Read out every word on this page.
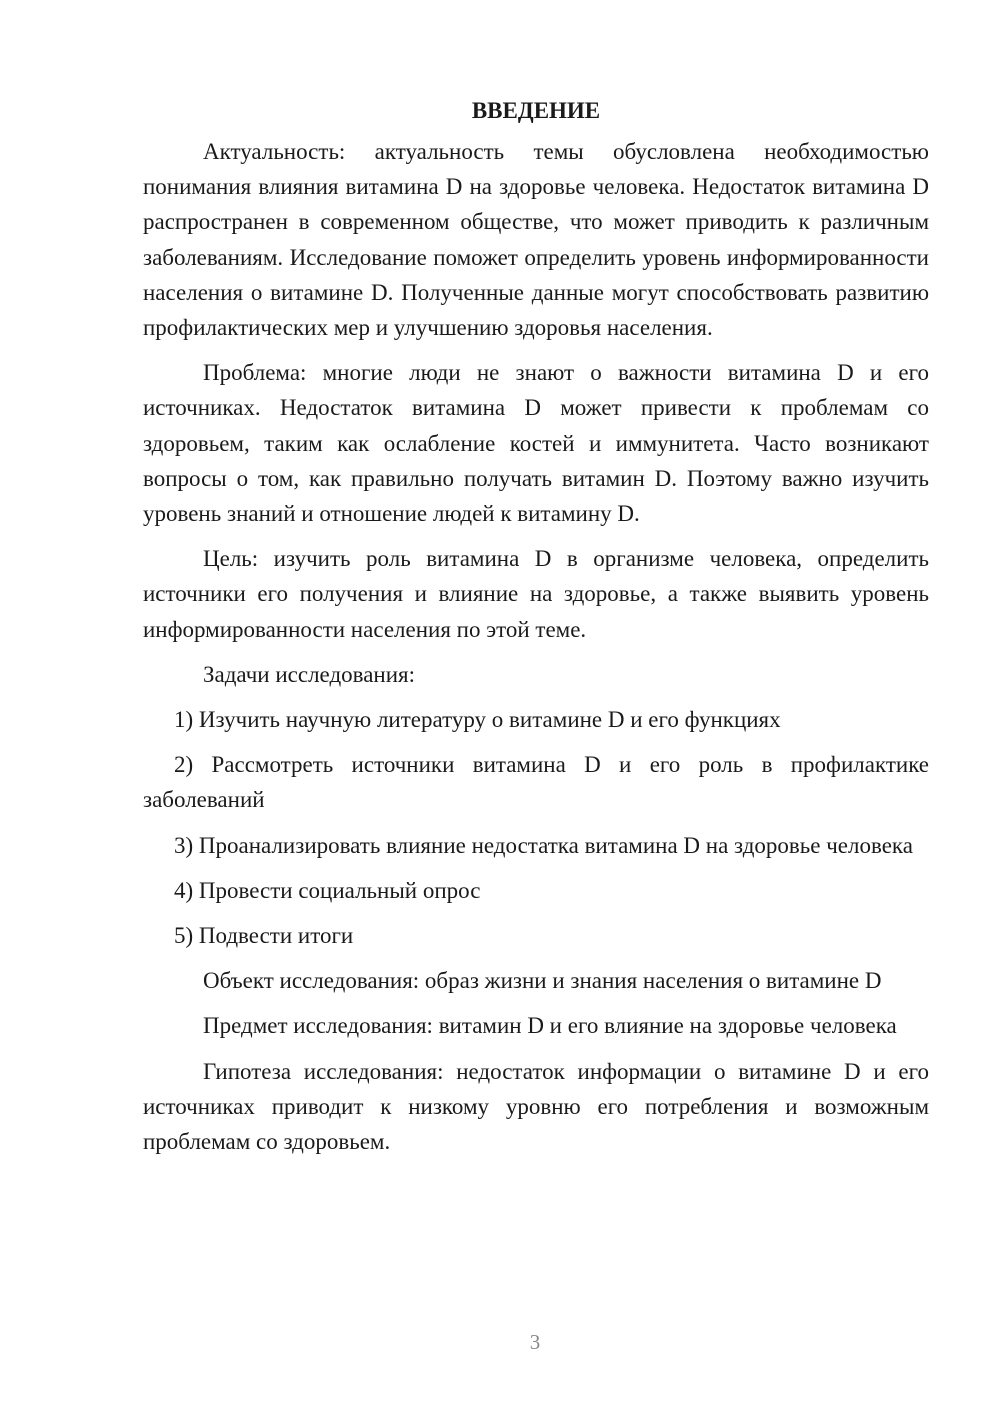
ВВЕДЕНИЕ

Актуальность: актуальность темы обусловлена необходимостью понимания влияния витамина D на здоровье человека. Недостаток витамина D распространен в современном обществе, что может приводить к различным заболеваниям. Исследование поможет определить уровень информированности населения о витамине D. Полученные данные могут способствовать развитию профилактических мер и улучшению здоровья населения.

Проблема: многие люди не знают о важности витамина D и его источниках. Недостаток витамина D может привести к проблемам со здоровьем, таким как ослабление костей и иммунитета. Часто возникают вопросы о том, как правильно получать витамин D. Поэтому важно изучить уровень знаний и отношение людей к витамину D.

Цель: изучить роль витамина D в организме человека, определить источники его получения и влияние на здоровье, а также выявить уровень информированности населения по этой теме.

Задачи исследования:

1) Изучить научную литературу о витамине D и его функциях

2) Рассмотреть источники витамина D и его роль в профилактике заболеваний

3) Проанализировать влияние недостатка витамина D на здоровье человека

4) Провести социальный опрос

5) Подвести итоги

Объект исследования: образ жизни и знания населения о витамине D

Предмет исследования: витамин D и его влияние на здоровье человека

Гипотеза исследования: недостаток информации о витамине D и его источниках приводит к низкому уровню его потребления и возможным проблемам со здоровьем.

3
